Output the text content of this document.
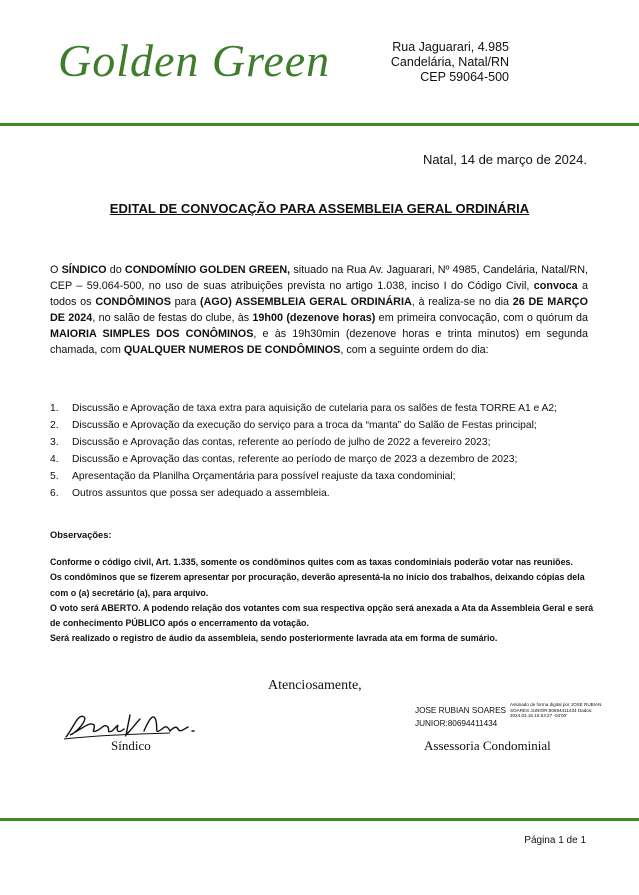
Golden Green	Rua Jaguarari, 4.985
Candelária, Natal/RN
CEP 59064-500
Natal, 14 de março de 2024.
EDITAL DE CONVOCAÇÃO PARA ASSEMBLEIA GERAL ORDINÁRIA
O SÍNDICO do CONDOMÍNIO GOLDEN GREEN, situado na Rua Av. Jaguarari, Nº 4985, Candelária, Natal/RN, CEP – 59.064-500, no uso de suas atribuições prevista no artigo 1.038, inciso I do Código Civil, convoca a todos os CONDÔMINOS para (AGO) ASSEMBLEIA GERAL ORDINÁRIA, à realiza-se no dia 26 DE MARÇO DE 2024, no salão de festas do clube, às 19h00 (dezenove horas) em primeira convocação, com o quórum da MAIORIA SIMPLES DOS CONÔMINOS, e às 19h30min (dezenove horas e trinta minutos) em segunda chamada, com QUALQUER NUMEROS DE CONDÔMINOS, com a seguinte ordem do dia:
1.	Discussão e Aprovação de taxa extra para aquisição de cutelaria para os salões de festa TORRE A1 e A2;
2.	Discussão e Aprovação da execução do serviço para a troca da “manta” do Salão de Festas principal;
3.	Discussão e Aprovação das contas, referente ao período de julho de 2022 a fevereiro 2023;
4.	Discussão e Aprovação das contas, referente ao período de março de 2023 a dezembro de 2023;
5.	Apresentação da Planilha Orçamentária para possível reajuste da taxa condominial;
6.	Outros assuntos que possa ser adequado a assembleia.
Observações:

Conforme o código civil, Art. 1.335, somente os condôminos quites com as taxas condominiais poderão votar nas reuniões.

Os condôminos que se fizerem apresentar por procuração, deverão apresentá-la no início dos trabalhos, deixando cópias dela com o (a) secretário (a), para arquivo.

O voto será ABERTO. A podendo relação dos votantes com sua respectiva opção será anexada a Ata da Assembleia Geral e será de conhecimento PÚBLICO após o encerramento da votação.

Será realizado o registro de áudio da assembleia, sendo posteriormente lavrada ata em forma de sumário.

Atenciosamente,
Síndico
JOSE RUBIAN SOARES
JUNIOR:80694411434
Assinado de forma digital por JOSE RUBIAN SOARES JUNIOR:80694411434 Dados: 2024.03.15 15:53:27 -03'00'
Assessoria Condominial
Página 1 de 1
